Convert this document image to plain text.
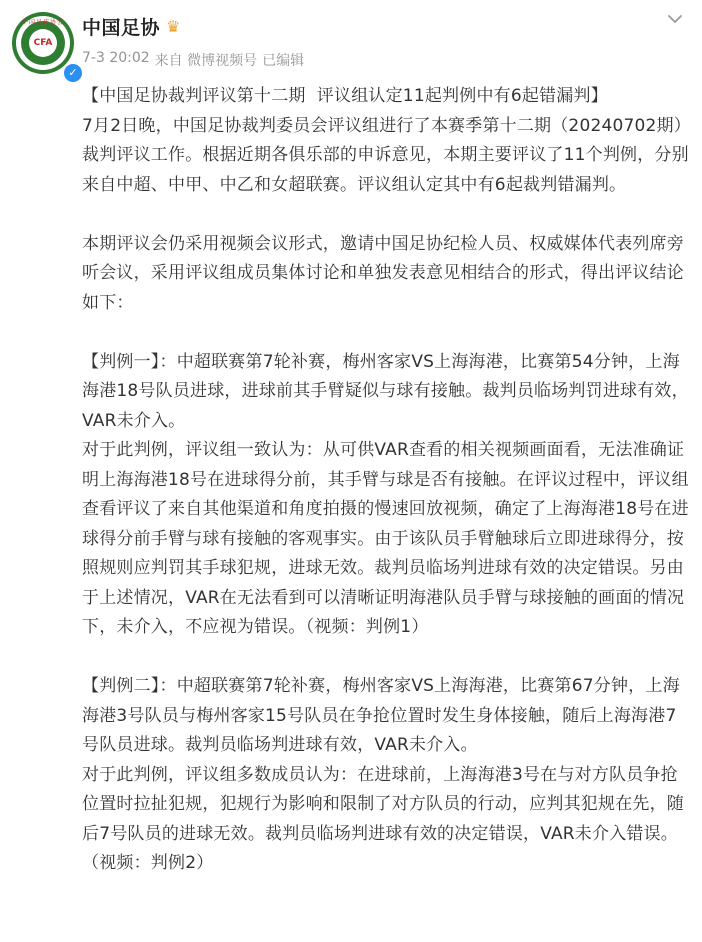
中国足球协会
CFA
✓
中国足协 ♛
7-3 20:02 来自 微博视频号 已编辑

【中国足协裁判评议第十二期  评议组认定11起判例中有6起错漏判】

7月2日晚，中国足协裁判委员会评议组进行了本赛季第十二期（20240702期）裁判评议工作。根据近期各俱乐部的申诉意见，本期主要评议了11个判例，分别来自中超、中甲、中乙和女超联赛。评议组认定其中有6起裁判错漏判。

本期评议会仍采用视频会议形式，邀请中国足协纪检人员、权威媒体代表列席旁听会议，采用评议组成员集体讨论和单独发表意见相结合的形式，得出评议结论如下：

【判例一】：中超联赛第7轮补赛，梅州客家VS上海海港，比赛第54分钟，上海海港18号队员进球，进球前其手臂疑似与球有接触。裁判员临场判罚进球有效，VAR未介入。

对于此判例，评议组一致认为：从可供VAR查看的相关视频画面看，无法准确证明上海海港18号在进球得分前，其手臂与球是否有接触。在评议过程中，评议组查看评议了来自其他渠道和角度拍摄的慢速回放视频，确定了上海海港18号在进球得分前手臂与球有接触的客观事实。由于该队员手臂触球后立即进球得分，按照规则应判罚其手球犯规，进球无效。裁判员临场判进球有效的决定错误。另由于上述情况，VAR在无法看到可以清晰证明海港队员手臂与球接触的画面的情况下，未介入，不应视为错误。（视频：判例1）

【判例二】：中超联赛第7轮补赛，梅州客家VS上海海港，比赛第67分钟，上海海港3号队员与梅州客家15号队员在争抢位置时发生身体接触，随后上海海港7号队员进球。裁判员临场判进球有效，VAR未介入。

对于此判例，评议组多数成员认为：在进球前，上海海港3号在与对方队员争抢位置时拉扯犯规，犯规行为影响和限制了对方队员的行动，应判其犯规在先，随后7号队员的进球无效。裁判员临场判进球有效的决定错误，VAR未介入错误。（视频：判例2）
